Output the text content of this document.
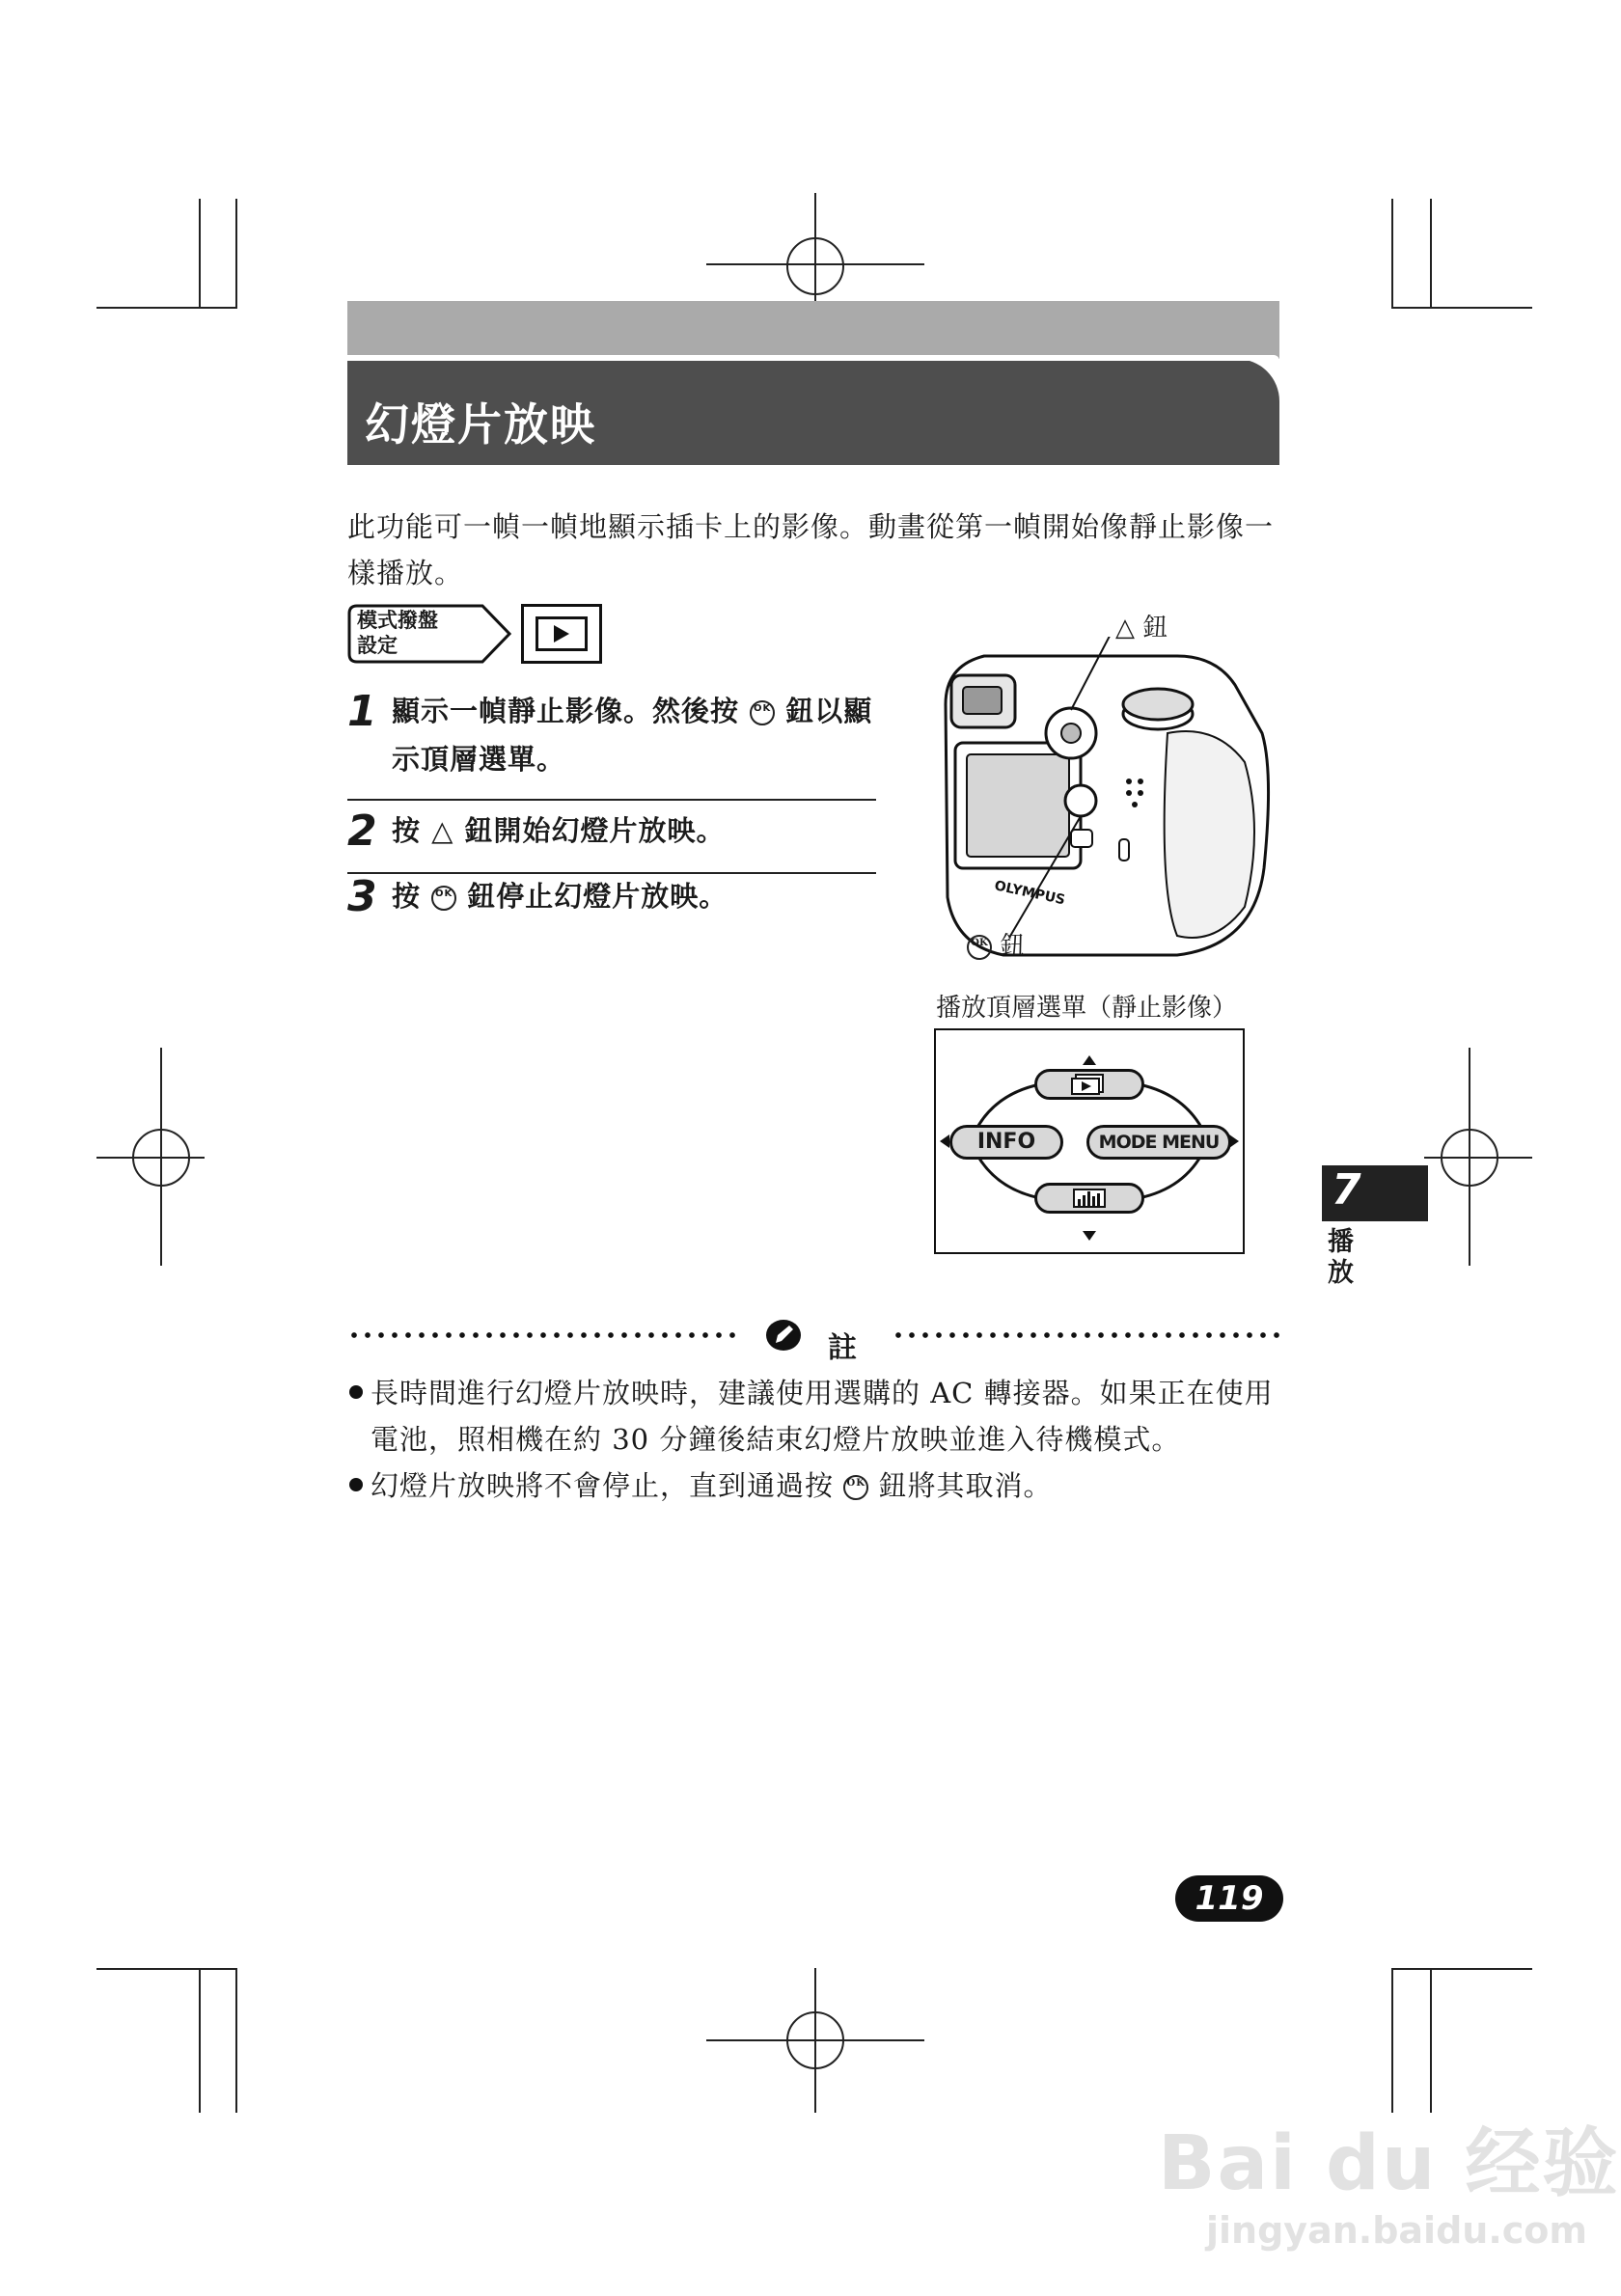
幻燈片放映
此功能可一幀一幀地顯示插卡上的影像。動畫從第一幀開始像靜止影像一樣播放。
模式撥盤設定
1 顯示一幀靜止影像。然後按 OK 鈕以顯示頂層選單。
2 按 △ 鈕開始幻燈片放映。
3 按 OK 鈕停止幻燈片放映。	OLYMPUS
△ 鈕
OK 鈕
播放頂層選單（靜止影像）
INFO	MODE MENU
7
播放
註
長時間進行幻燈片放映時，建議使用選購的 AC 轉接器。如果正在使用電池，照相機在約 30 分鐘後結束幻燈片放映並進入待機模式。
幻燈片放映將不會停止，直到通過按 OK 鈕將其取消。
119
Bai du 经验
jingyan.baidu.com
